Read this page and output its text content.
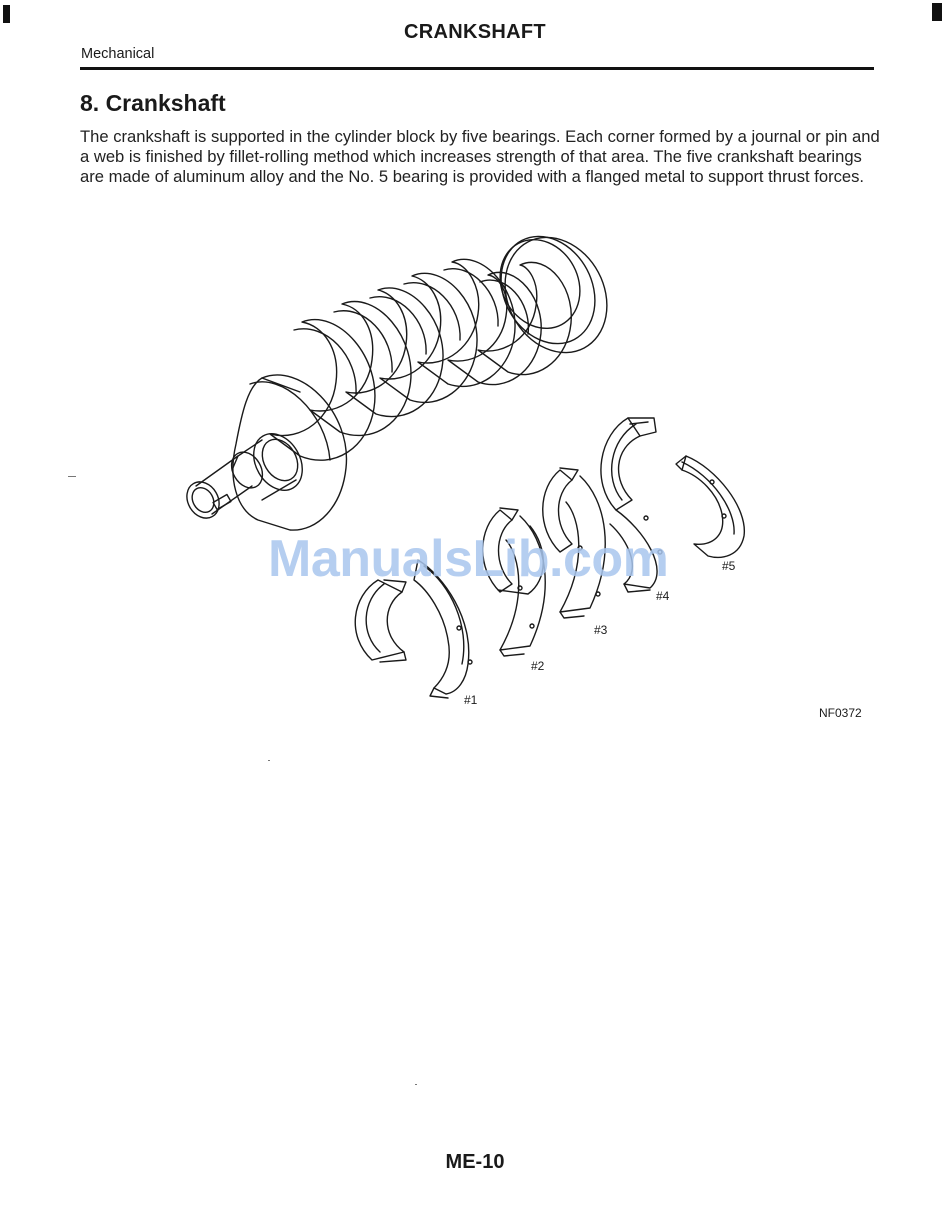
CRANKSHAFT
Mechanical
8. Crankshaft
The crankshaft is supported in the cylinder block by five bearings. Each corner formed by a journal or pin and a web is finished by fillet-rolling method which increases strength of that area. The five crankshaft bearings are made of aluminum alloy and the No. 5 bearing is provided with a flanged metal to support thrust forces.
#1
#2
#3
#4
#5
ManualsLib.com
NF0372
ME-10
